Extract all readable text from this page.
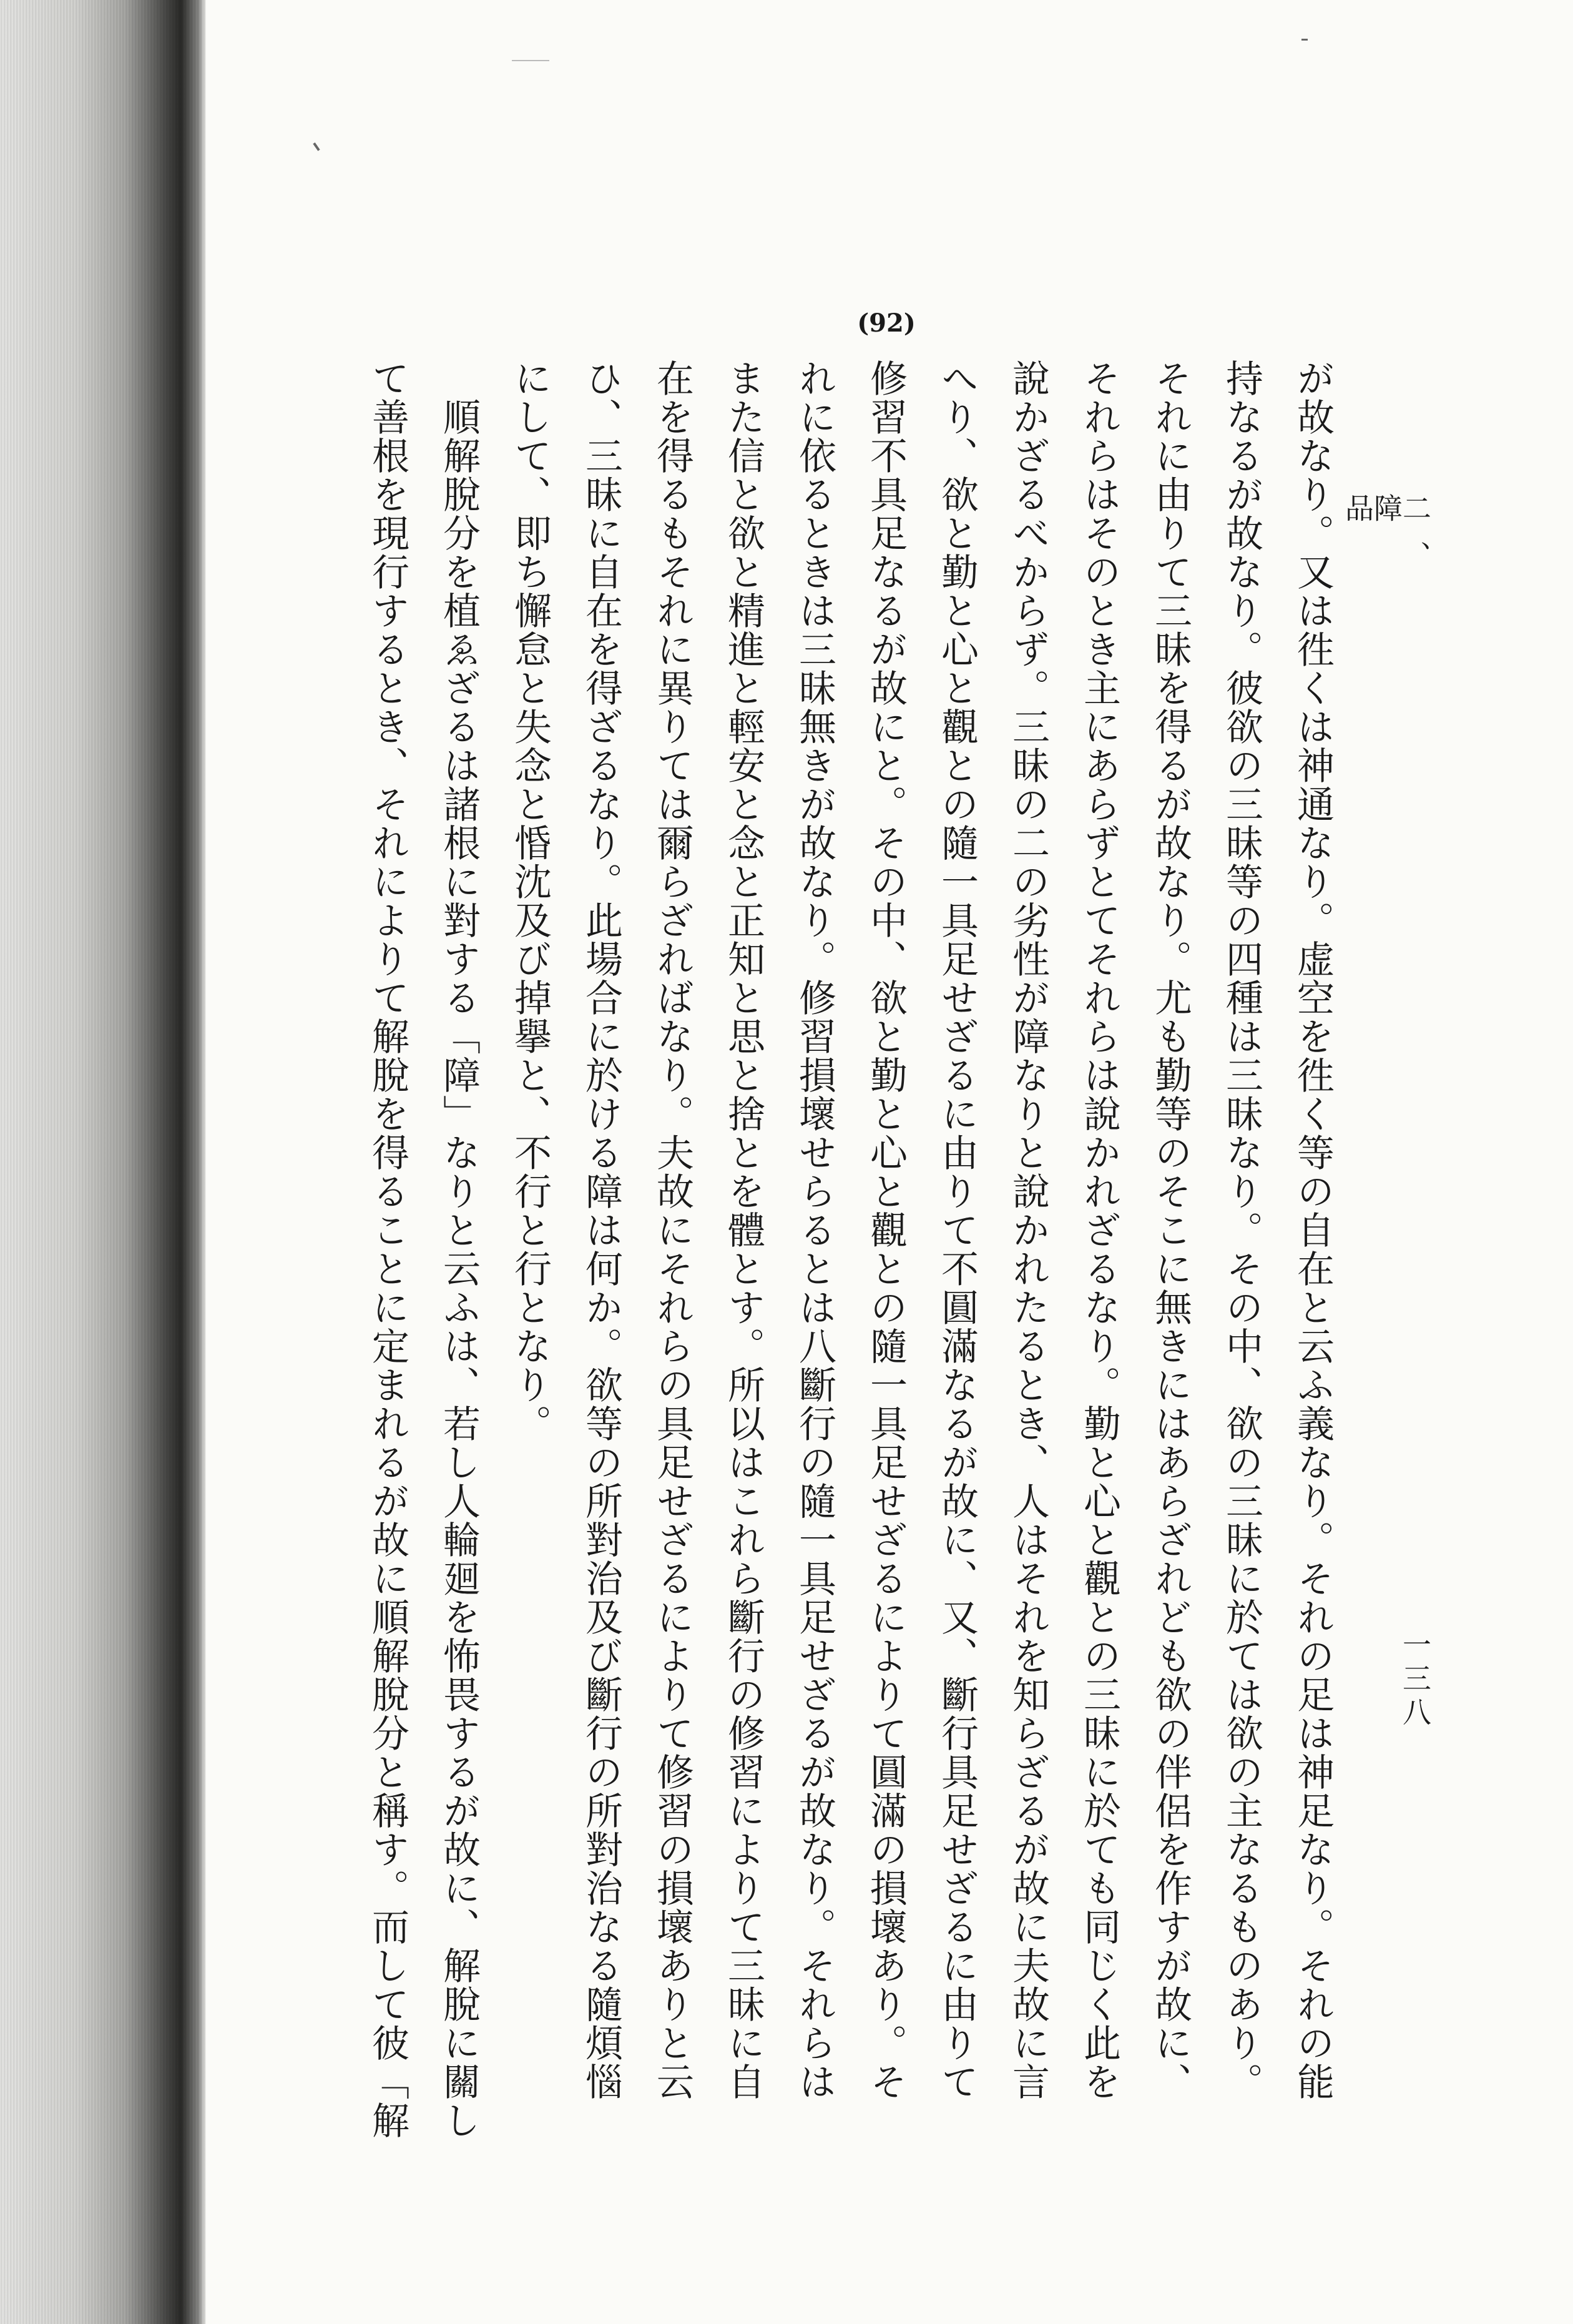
二、障　品
一三八
(92)
が故なり。又は徃くは神通なり。虚空を徃く等の自在と云ふ義なり。それの足は神足なり。それの能
持なるが故なり。彼欲の三昧等の四種は三昧なり。その中、欲の三昧に於ては欲の主なるものあり。
それに由りて三昧を得るが故なり。尤も勤等のそこに無きにはあらざれども欲の伴侶を作すが故に、
それらはそのとき主にあらずとてそれらは說かれざるなり。勤と心と觀との三昧に於ても同じく此を
說かざるべからず。三昧の二の劣性が障なりと說かれたるとき、人はそれを知らざるが故に夫故に言
へり、欲と勤と心と觀との隨一具足せざるに由りて不圓滿なるが故に、又、斷行具足せざるに由りて
修習不具足なるが故にと。その中、欲と勤と心と觀との隨一具足せざるによりて圓滿の損壞あり。そ
れに依るときは三昧無きが故なり。修習損壞せらるとは八斷行の隨一具足せざるが故なり。それらは
また信と欲と精進と輕安と念と正知と思と捨とを體とす。所以はこれら斷行の修習によりて三昧に自
在を得るもそれに異りては爾らざればなり。夫故にそれらの具足せざるによりて修習の損壞ありと云
ひ、三昧に自在を得ざるなり。此場合に於ける障は何か。欲等の所對治及び斷行の所對治なる隨煩惱
にして、即ち懈怠と失念と惛沈及び掉擧と、不行と行となり。
　順解脫分を植ゑざるは諸根に對する「障」なりと云ふは、若し人輪廻を怖畏するが故に、解脫に關し
て善根を現行するとき、それによりて解脫を得ることに定まれるが故に順解脫分と稱す。而して彼「解
